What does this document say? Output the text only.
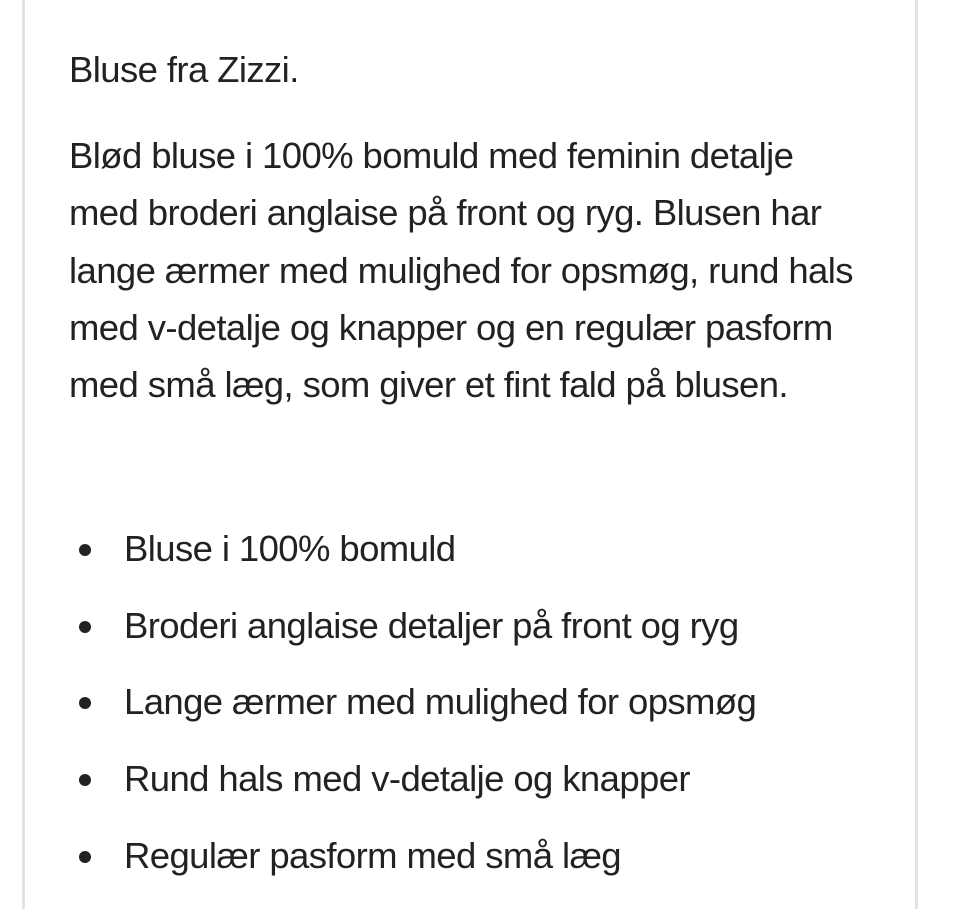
Bluse fra Zizzi.

Blød bluse i 100% bomuld med feminin detalje med broderi anglaise på front og ryg. Blusen har lange ærmer med mulighed for opsmøg, rund hals med v-detalje og knapper og en regulær pasform med små læg, som giver et fint fald på blusen.

Bluse i 100% bomuld
Broderi anglaise detaljer på front og ryg
Lange ærmer med mulighed for opsmøg
Rund hals med v-detalje og knapper
Regulær pasform med små læg
